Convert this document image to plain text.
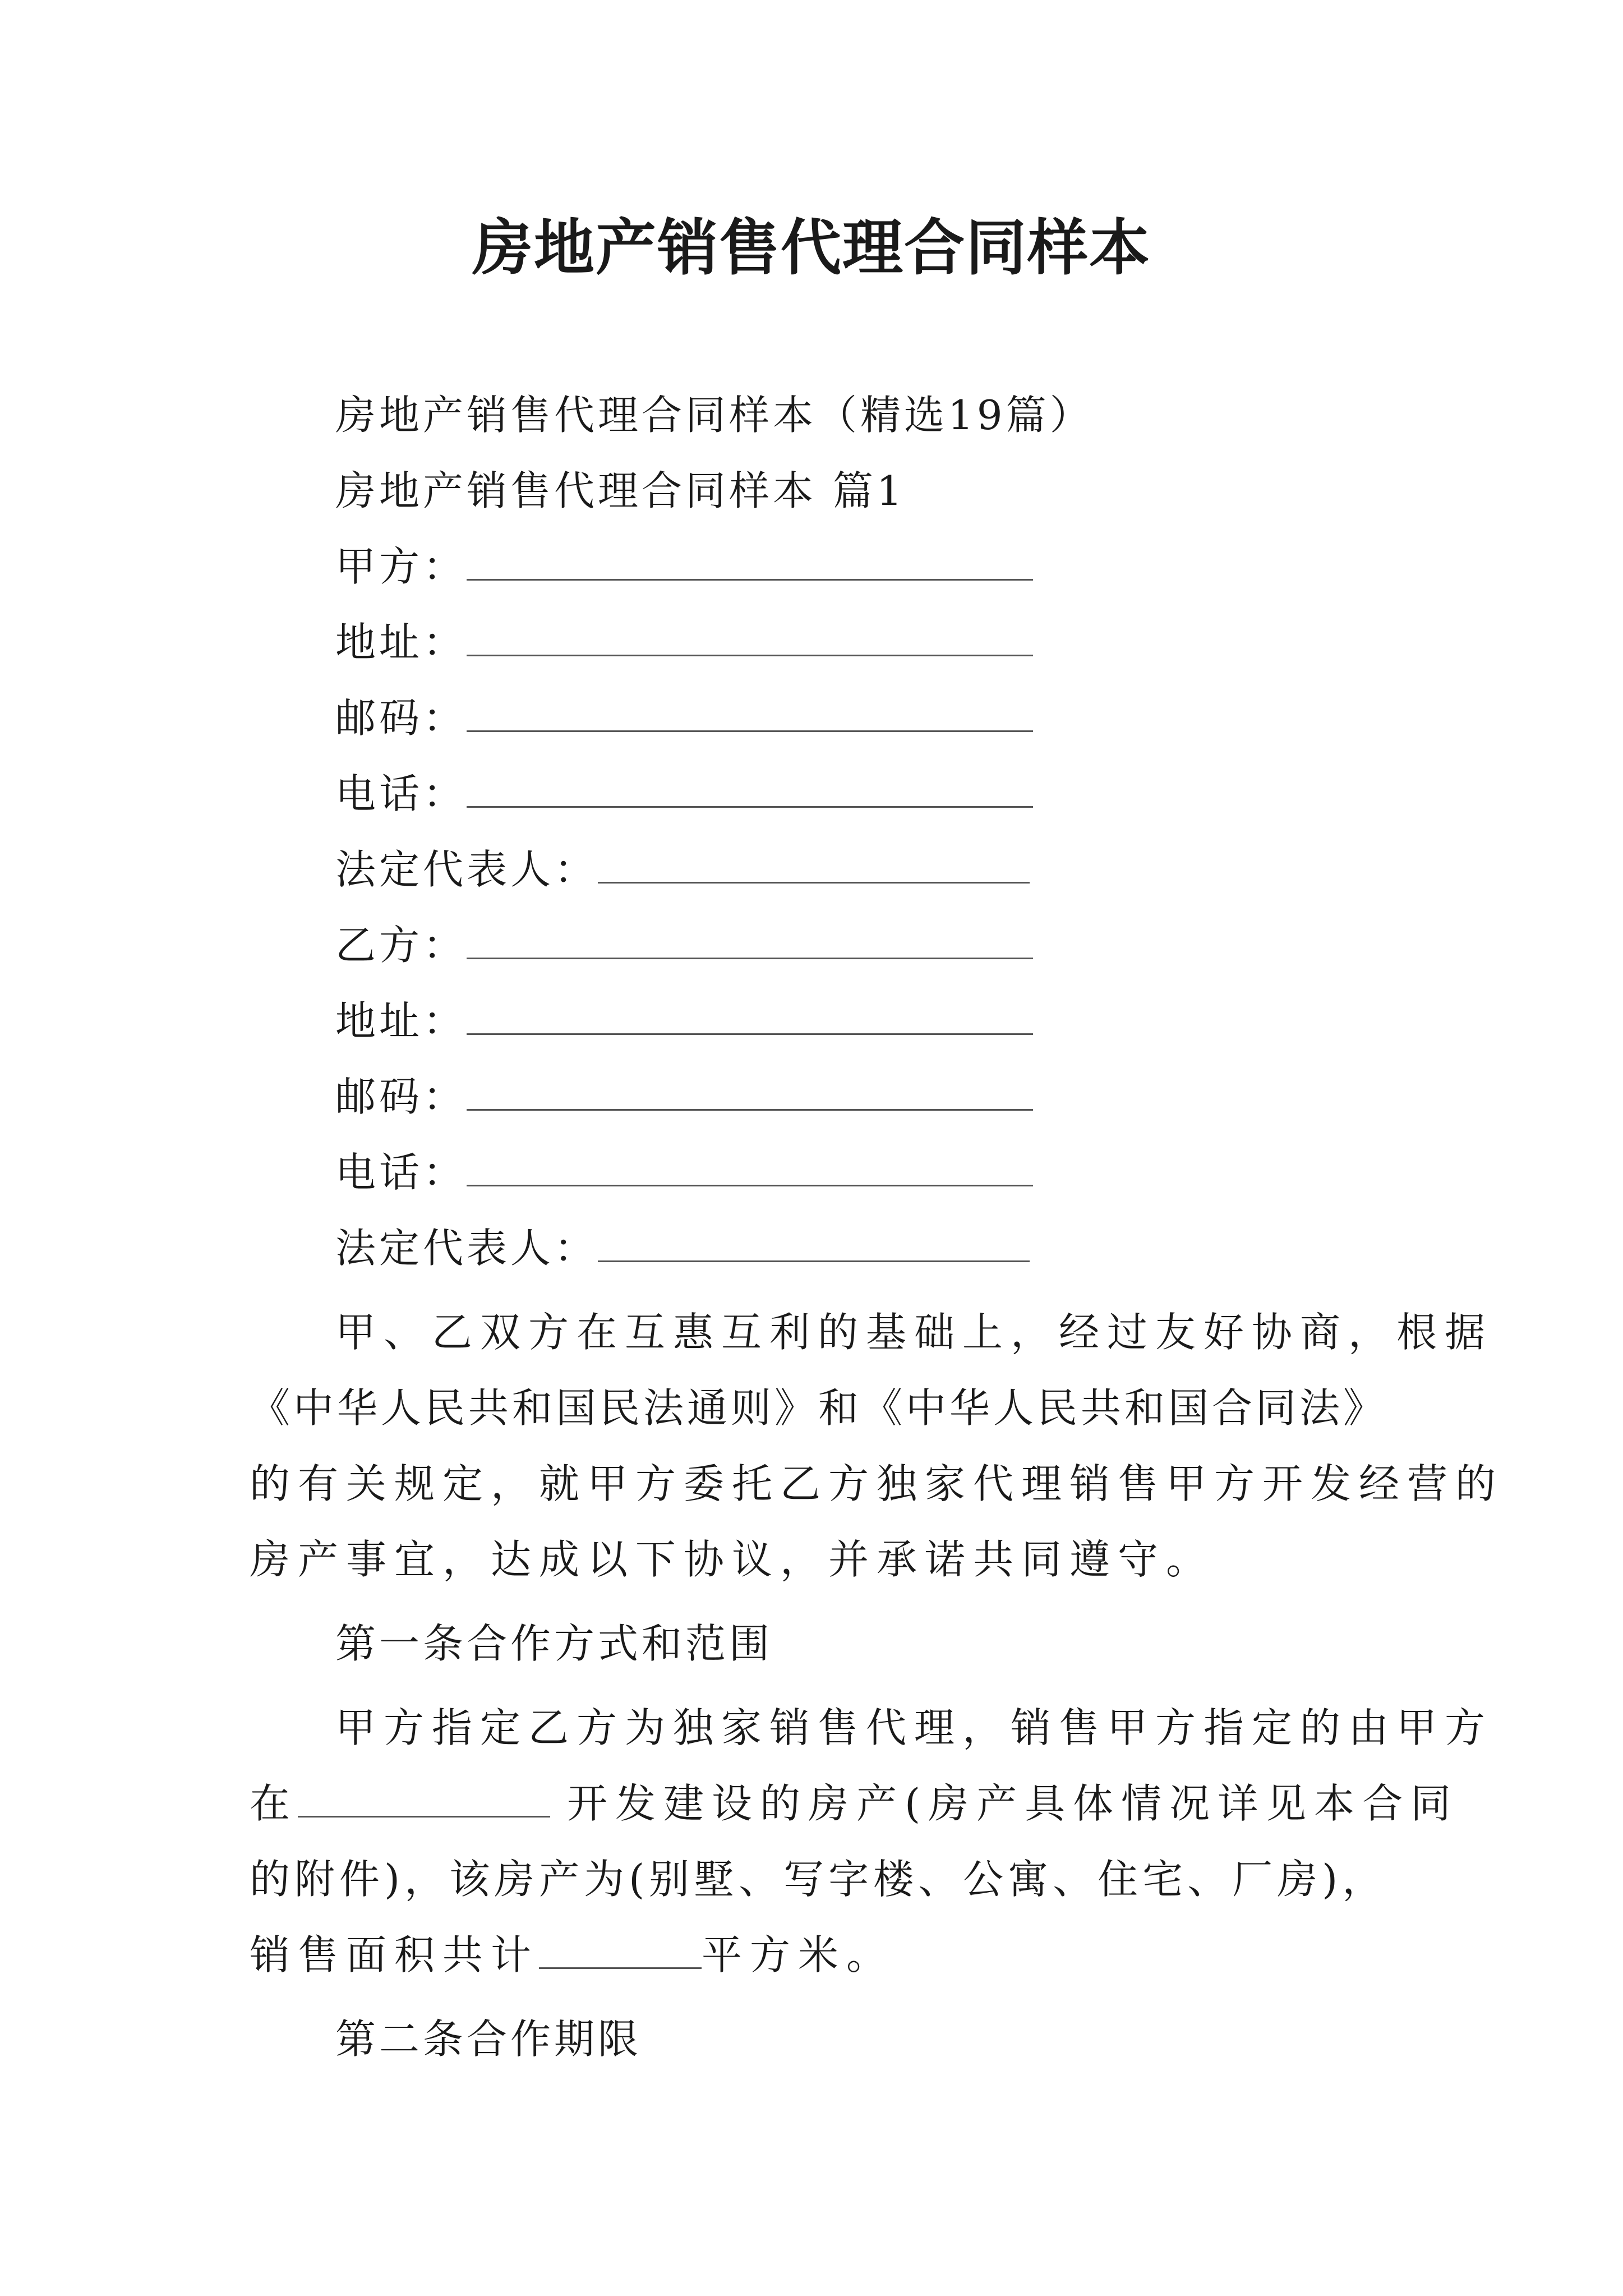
房地产销售代理合同样本
房地产销售代理合同样本（精选19篇）
房地产销售代理合同样本 篇1
甲方：
地址：
邮码：
电话：
法定代表人：
乙方：
地址：
邮码：
电话：
法定代表人：
甲、乙双方在互惠互利的基础上，经过友好协商，根据
《中华人民共和国民法通则》和《中华人民共和国合同法》
的有关规定，就甲方委托乙方独家代理销售甲方开发经营的
房产事宜，达成以下协议，并承诺共同遵守。
第一条合作方式和范围
甲方指定乙方为独家销售代理，销售甲方指定的由甲方
在	开发建设的房产(房产具体情况详见本合同
的附件)，该房产为(别墅、写字楼、公寓、住宅、厂房)，
销售面积共计	平方米。
第二条合作期限
